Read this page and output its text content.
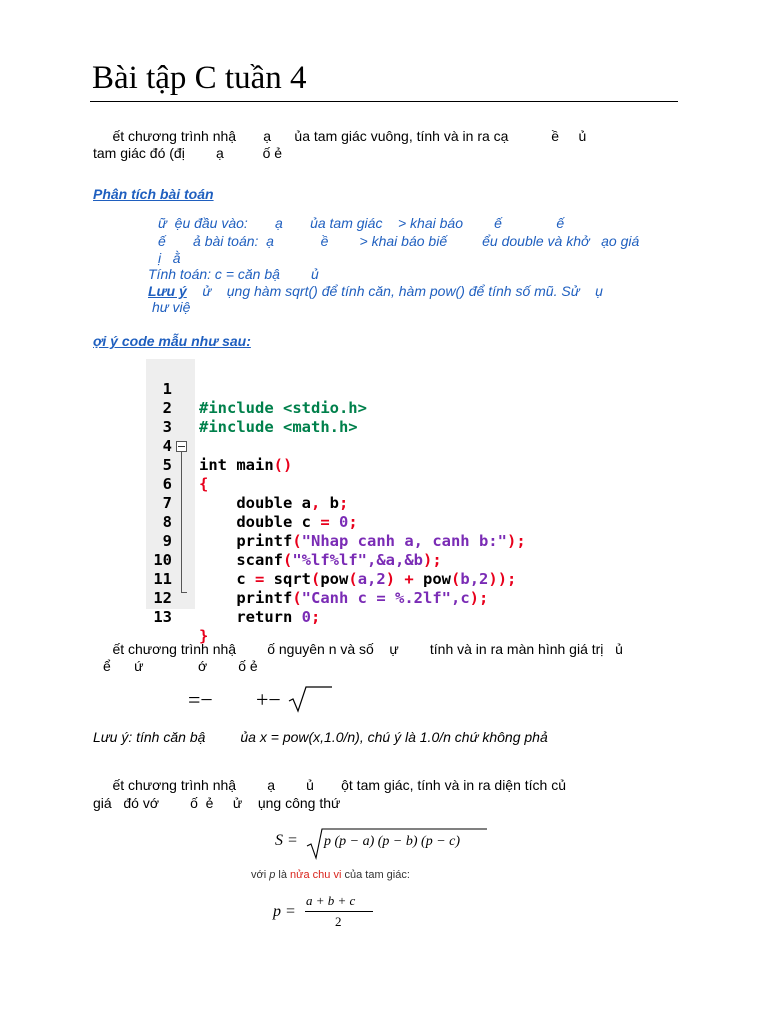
Bài tập C tuần 4
ết chương trình nhậ       ạ      ủa tam giác vuông, tính và in ra cạ           ề     ủ
tam giác đó (đị        ạ          ố ẻ
Phân tích bài toán
ữ  ệu đầu vào:       ạ       ủa tam giác    > khai báo        ế              ế
ế       ả bài toán:  ạ            ề        > khai báo biế         ểu double và khở   ạo giá
ị   ằ
Tính toán: c = căn bậ        ủ
Lưu ý    ử    ụng hàm sqrt() để tính căn, hàm pow() để tính số mũ. Sử    ụ
hư việ
ợi ý code mẫu như sau:

1

#include <stdio.h>

2

#include <math.h>

3

4

int main()

5

{

6

double a, b;

7

double c = 0;

8

printf("Nhap canh a, canh b:");

9

scanf("%lf%lf",&a,&b);

10

c = sqrt(pow(a,2) + pow(b,2));

11

printf("Canh c = %.2lf",c);

12

return 0;

13

}

ết chương trình nhậ        ố nguyên n và số    ự        tính và in ra màn hình giá trị   ủ
ể      ứ              ớ        ố ẻ
=− +−
Lưu ý: tính căn bậ         ủa x = pow(x,1.0/n), chú ý là 1.0/n chứ không phả
ết chương trình nhậ        ạ        ủ       ột tam giác, tính và in ra diện tích củ
giá   đó vớ        ố  ẻ     ử    ụng công thứ
S = p (p − a) (p − b) (p − c)
với p là nửa chu vi của tam giác:
p =
a + b + c
2
